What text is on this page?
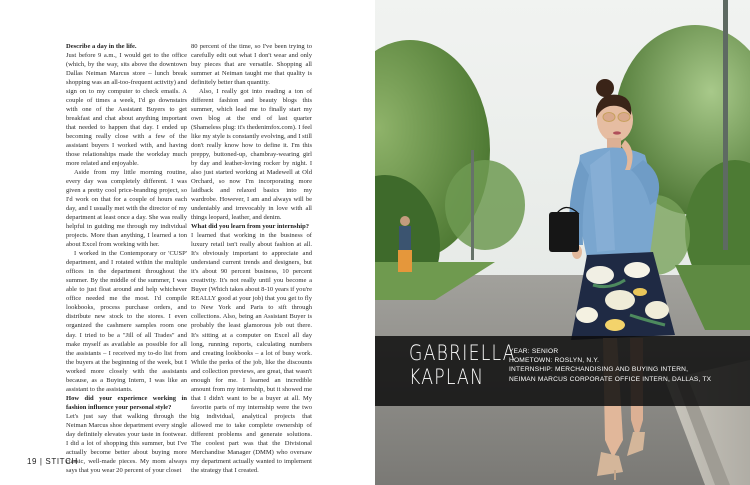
Describe a day in the life.

Just before 9 a.m., I would get to the office (which, by the way, sits above the downtown Dallas Neiman Marcus store – lunch break shopping was an all-too-frequent activity) and sign on to my computer to check emails. A couple of times a week, I'd go downstairs with one of the Assistant Buyers to get breakfast and chat about anything important that needed to happen that day. I ended up becoming really close with a few of the assistant buyers I worked with, and having those relationships made the workday much more related and enjoyable.

Aside from my little morning routine, every day was completely different. I was given a pretty cool price-branding project, so I'd work on that for a couple of hours each day, and I usually met with the director of my department at least once a day. She was really helpful in guiding me through my individual projects. More than anything, I learned a ton about Excel from working with her.

I worked in the Contemporary or 'CUSP' department, and I rotated within the multiple offices in the department throughout the summer. By the middle of the summer, I was able to just float around and help whichever office needed me the most. I'd compile lookbooks, process purchase orders, and distribute new stock to the stores. I even organized the cashmere samples room one day. I tried to be a "Jill of all Trades" and make myself as available as possible for all the assistants – I received my to-do list from the buyers at the beginning of the week, but I worked more closely with the assistants because, as a Buying Intern, I was like an assistant to the assistants.

How did your experience working in fashion influence your personal style?

Let's just say that walking through the Neiman Marcus shoe department every single day definitely elevates your taste in footwear. I did a lot of shopping this summer, but I've actually become better about buying more classic, well-made pieces. My mom always says that you wear 20 percent of your closet

80 percent of the time, so I've been trying to carefully edit out what I don't wear and only buy pieces that are versatile. Shopping all summer at Neiman taught me that quality is definitely better than quantity.

Also, I really got into reading a ton of different fashion and beauty blogs this summer, which lead me to finally start my own blog at the end of last quarter (Shameless plug: it's thedenimfox.com). I feel like my style is constantly evolving, and I still don't really know how to define it. I'm this preppy, buttoned-up, chambray-wearing girl by day and leather-loving rocker by night. I also just started working at Madewell at Old Orchard, so now I'm incorporating more laidback and relaxed basics into my wardrobe. However, I am and always will be undeniably and irrevocably in love with all things leopard, leather, and denim.

What did you learn from your internship?

I learned that working in the business of luxury retail isn't really about fashion at all. It's obviously important to appreciate and understand current trends and designers, but it's about 90 percent business, 10 percent creativity. It's not really until you become a Buyer (Which takes about 8-10 years if you're REALLY good at your job) that you get to fly to New York and Paris to sift through collections. Also, being an Assistant Buyer is probably the least glamorous job out there. It's sitting at a computer on Excel all day long, running reports, calculating numbers and creating lookbooks – a lot of busy work. While the perks of the job, like the discounts and collection previews, are great, that wasn't enough for me. I learned an incredible amount from my internship, but it showed me that I didn't want to be a buyer at all. My favorite parts of my internship were the two big individual, analytical projects that allowed me to take complete ownership of different problems and generate solutions. The coolest part was that the Divisional Merchandise Manager (DMM) who oversaw my department actually wanted to implement the strategy that I created.

19 | STITCH
GABRIELLA
KAPLAN
YEAR: SENIOR
HOMETOWN: ROSLYN, N.Y.
INTERNSHIP: MERCHANDISING AND BUYING INTERN,
NEIMAN MARCUS CORPORATE OFFICE INTERN, DALLAS, TX
